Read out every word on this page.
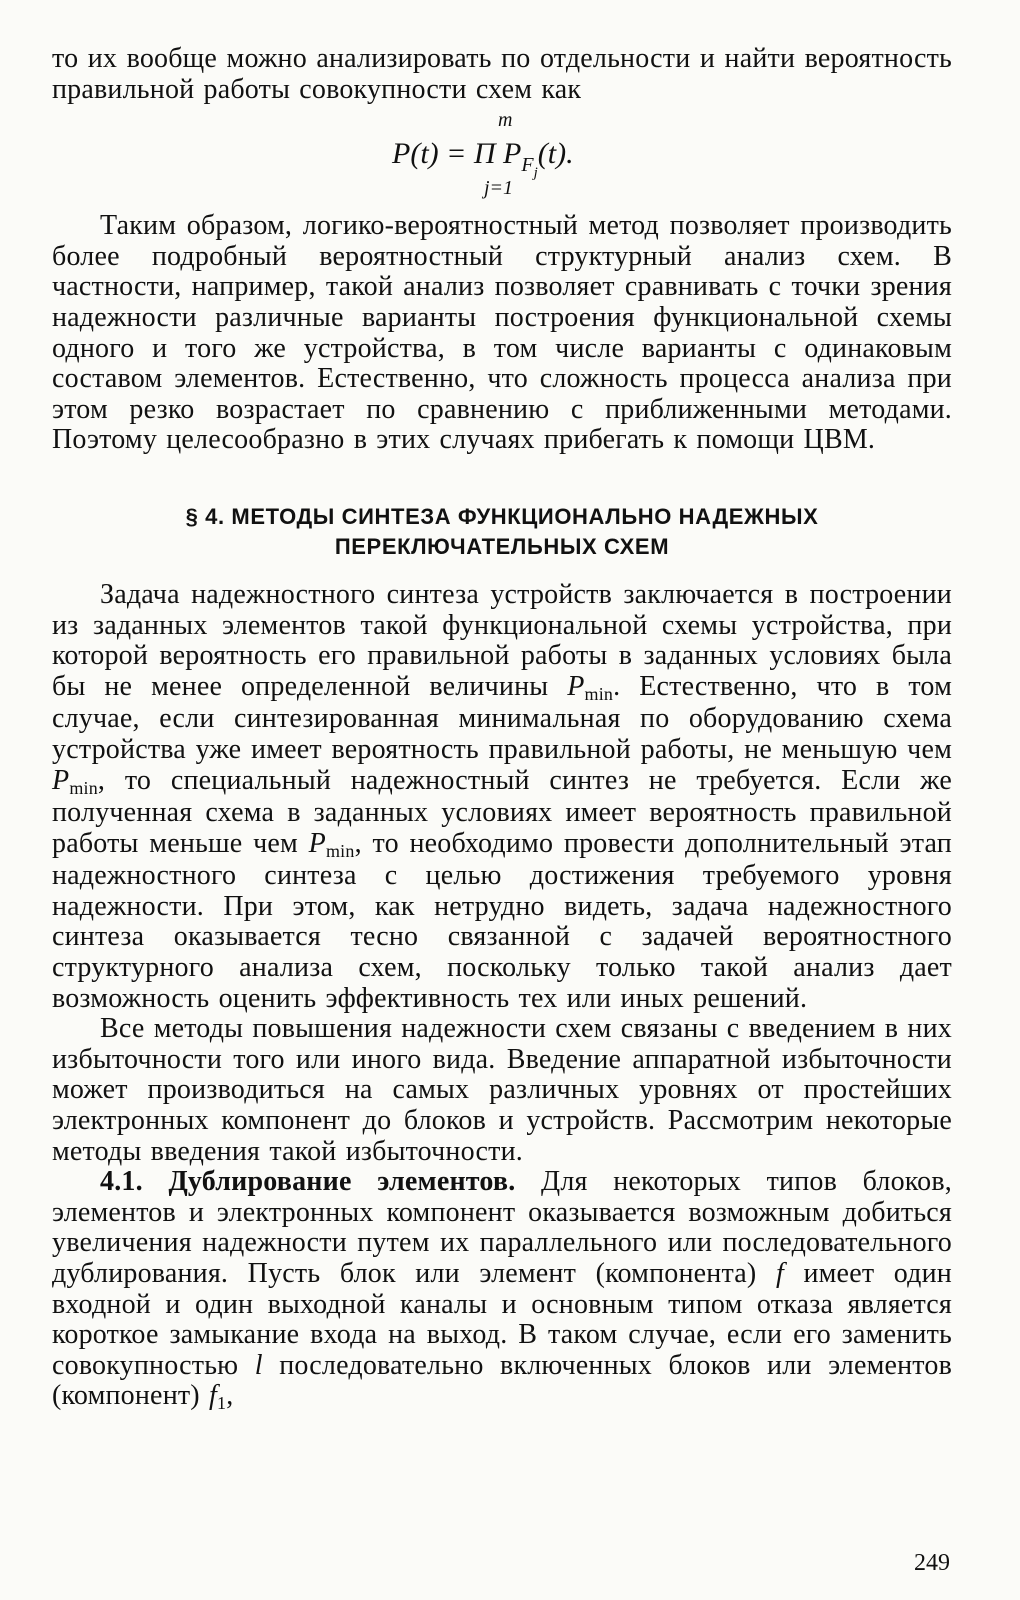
то их вообще можно анализировать по отдельности и найти вероятность правильной работы совокупности схем как

m
P(t) = Π $P_{F_j}(t)$.
j=1

Таким образом, логико-вероятностный метод позволяет производить более подробный вероятностный структурный анализ схем. В частности, например, такой анализ позволяет сравнивать с точки зрения надежности различные варианты построения функциональной схемы одного и того же устройства, в том числе варианты с одинаковым составом элементов. Естественно, что сложность процесса анализа при этом резко возрастает по сравнению с приближенными методами. Поэтому целесообразно в этих случаях прибегать к помощи ЦВМ.

§ 4. МЕТОДЫ СИНТЕЗА ФУНКЦИОНАЛЬНО НАДЕЖНЫХ
ПЕРЕКЛЮЧАТЕЛЬНЫХ СХЕМ

Задача надежностного синтеза устройств заключается в построении из заданных элементов такой функциональной схемы устройства, при которой вероятность его правильной работы в заданных условиях была бы не менее определенной величины Pmin. Естественно, что в том случае, если синтезированная минимальная по оборудованию схема устройства уже имеет вероятность правильной работы, не меньшую чем Pmin, то специальный надежностный синтез не требуется. Если же полученная схема в заданных условиях имеет вероятность правильной работы меньше чем Pmin, то необходимо провести дополнительный этап надежностного синтеза с целью достижения требуемого уровня надежности. При этом, как нетрудно видеть, задача надежностного синтеза оказывается тесно связанной с задачей вероятностного структурного анализа схем, поскольку только такой анализ дает возможность оценить эффективность тех или иных решений.

Все методы повышения надежности схем связаны с введением в них избыточности того или иного вида. Введение аппаратной избыточности может производиться на самых различных уровнях от простейших электронных компонент до блоков и устройств. Рассмотрим некоторые методы введения такой избыточности.

4.1. Дублирование элементов. Для некоторых типов блоков, элементов и электронных компонент оказывается возможным добиться увеличения надежности путем их параллельного или последовательного дублирования. Пусть блок или элемент (компонента) f имеет один входной и один выходной каналы и основным типом отказа является короткое замыкание входа на выход. В таком случае, если его заменить совокупностью l последовательно включенных блоков или элементов (компонент) f1,

249
